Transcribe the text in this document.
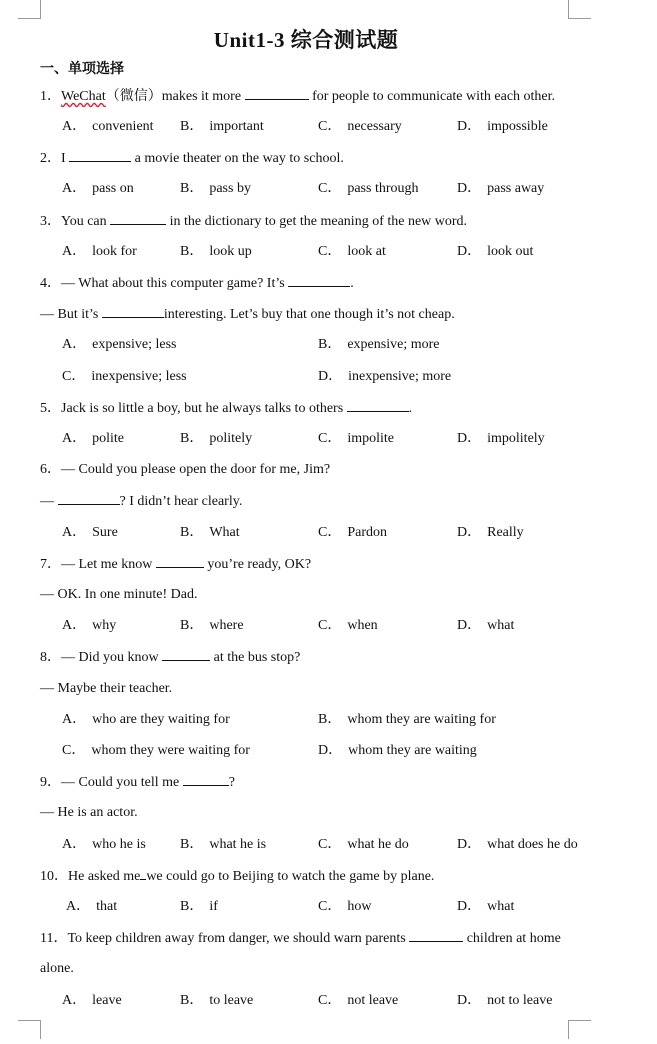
Unit1-3 综合测试题
一、单项选择
1．WeChat（微信）makes it more	for people to communicate with each other.
A． convenient B． important	C． necessary	D． impossible
2．I	a movie theater on the way to school.
A． pass on	B． pass by	C． pass through	D． pass away
3．You can	in the dictionary to get the meaning of the new word.
A． look for	B． look up	C． look at	D． look out
4．— What about this computer game? It’s	.
— But it’s	interesting. Let’s buy that one though it’s not cheap.
A． expensive; less	B． expensive; more
C． inexpensive; less	D． inexpensive; more
5．Jack is so little a boy, but he always talks to others	.
A． polite	B． politely	C． impolite	D． impolitely
6．— Could you please open the door for me, Jim?
—	? I didn’t hear clearly.
A． Sure	B． What	C． Pardon	D． Really
7．— Let me know	you’re ready, OK?
— OK. In one minute! Dad.
A． why	B． where	C． when	D． what
8．— Did you know	at the bus stop?
— Maybe their teacher.
A． who are they waiting for	B． whom they are waiting for
C． whom they were waiting for	D． whom they are waiting
9．— Could you tell me	?
— He is an actor.
A． who he is B． what he is	C． what he do	D． what does he do
10．He asked me we could go to Beijing to watch the game by plane.
A． that	B． if	C． how	D． what
11．To keep children away from danger, we should warn parents	children at home
alone.
A． leave	B． to leave	C． not leave	D． not to leave
